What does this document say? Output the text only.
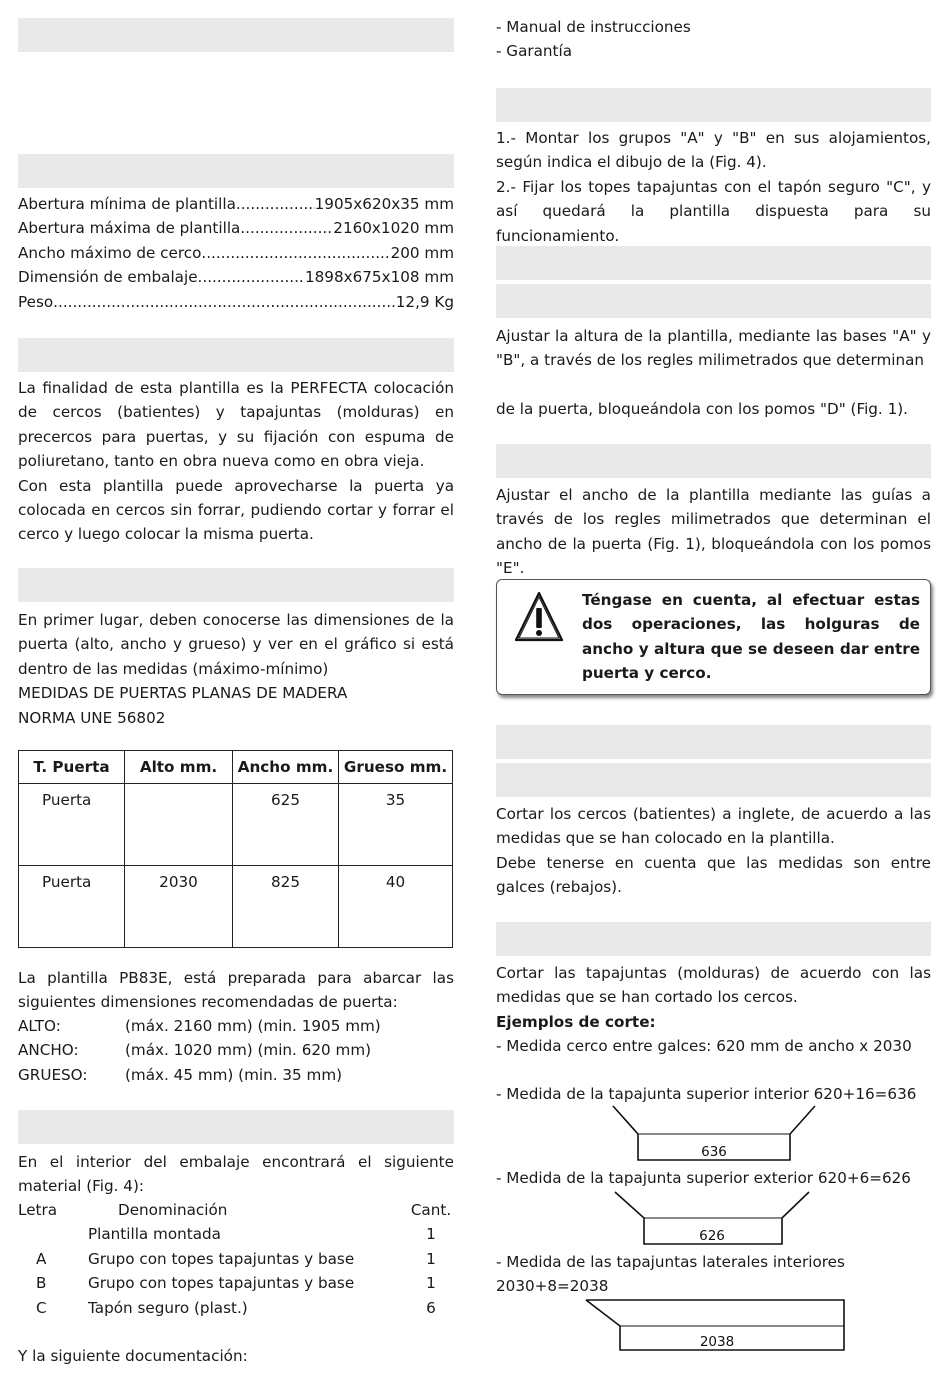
Abertura mínima de plantilla .....	1905x620x35 mm
Abertura máxima de plantilla .....	2160x1020 mm
Ancho máximo de cerco .....	200 mm
Dimensión de embalaje .....	1898x675x108 mm
Peso .....	12,9 Kg
La finalidad de esta plantilla es la PERFECTA colocación de cercos (batientes) y tapajuntas (molduras) en precercos para puertas, y su fijación con espuma de poliuretano, tanto en obra nueva como en obra vieja.
Con esta plantilla puede aprovecharse la puerta ya colocada en cercos sin forrar, pudiendo cortar y forrar el cerco y luego colocar la misma puerta.
En primer lugar, deben conocerse las dimensiones de la puerta (alto, ancho y grueso) y ver en el gráfico si está dentro de las medidas (máximo-mínimo)
MEDIDAS DE PUERTAS PLANAS DE MADERA
NORMA UNE 56802
T. Puerta	Alto mm.	Ancho mm.	Grueso mm.
Puerta		625	35
Puerta	2030	825	40
La plantilla PB83E, está preparada para abarcar las siguientes dimensiones recomendadas de puerta:
ALTO:	(máx. 2160 mm) (min. 1905 mm)
ANCHO:	(máx. 1020 mm) (min. 620 mm)
GRUESO:	(máx. 45 mm) (min. 35 mm)
En el interior del embalaje encontrará el siguiente material (Fig. 4):
Letra	Denominación	Cant.
Plantilla montada	1
A	Grupo con topes tapajuntas y base	1
B	Grupo con topes tapajuntas y base	1
C	Tapón seguro (plast.)	6
Y la siguiente documentación:
- Manual de instrucciones
- Garantía
1.- Montar los grupos "A" y "B" en sus alojamientos, según indica el dibujo de la (Fig. 4).
2.- Fijar los topes tapajuntas con el tapón seguro "C", y así quedará la plantilla dispuesta para su funcionamiento.
Ajustar la altura de la plantilla, mediante las bases "A" y "B", a través de los regles milimetrados que determinan
de la puerta, bloqueándola con los pomos "D" (Fig. 1).
Ajustar el ancho de la plantilla mediante las guías a través de los regles milimetrados que determinan el ancho de la puerta (Fig. 1), bloqueándola con los pomos "E".
Téngase en cuenta, al efectuar estas dos operaciones, las holguras de ancho y altura que se deseen dar entre puerta y cerco.
Cortar los cercos (batientes) a inglete, de acuerdo a las medidas que se han colocado en la plantilla.
Debe tenerse en cuenta que las medidas son entre galces (rebajos).
Cortar las tapajuntas (molduras) de acuerdo con las medidas que se han cortado los cercos.
Ejemplos de corte:
- Medida cerco entre galces: 620 mm de ancho x 2030
- Medida de la tapajunta superior interior 620+16=636
636
- Medida de la tapajunta superior exterior 620+6=626
626
- Medida de las tapajuntas laterales interiores 2030+8=2038
2038
